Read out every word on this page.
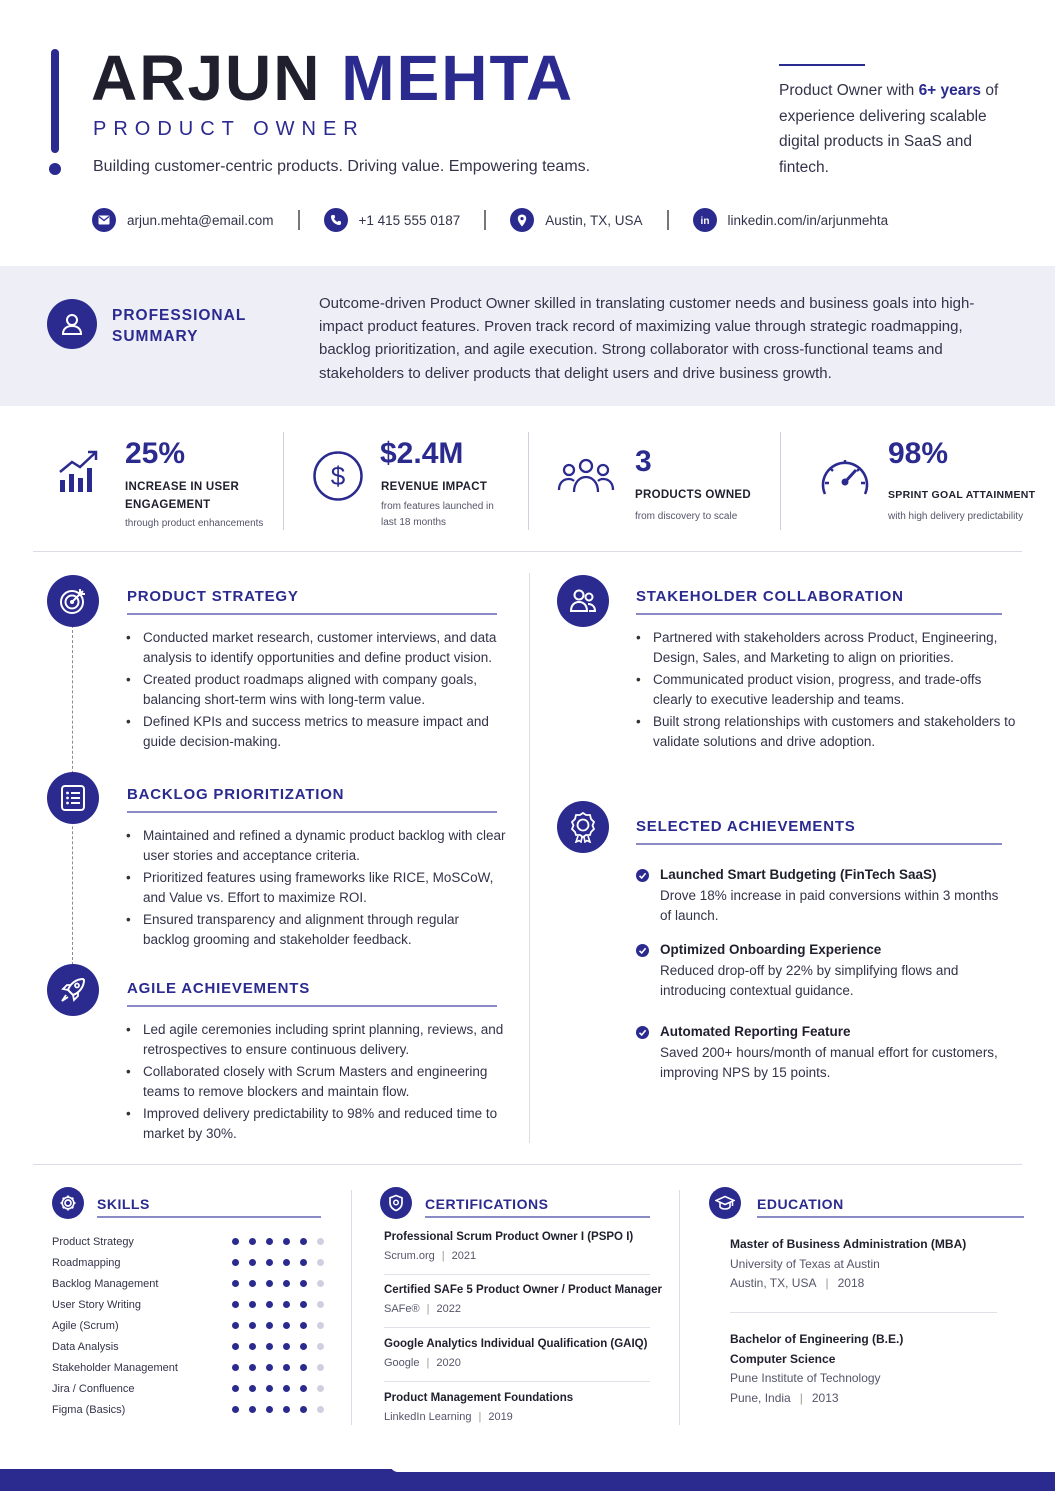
ARJUN MEHTA
PRODUCT OWNER
Building customer-centric products. Driving value. Empowering teams.
Product Owner with 6+ years of experience delivering scalable digital products in SaaS and fintech.
arjun.mehta@email.com	+1 415 555 0187	Austin, TX, USA	in linkedin.com/in/arjunmehta
PROFESSIONAL
SUMMARY
Outcome-driven Product Owner skilled in translating customer needs and business goals into high-impact product features. Proven track record of maximizing value through strategic roadmapping, backlog prioritization, and agile execution. Strong collaborator with cross-functional teams and stakeholders to deliver products that delight users and drive business growth.
25%
INCREASE IN USER
ENGAGEMENT
through product enhancements
$
$2.4M
REVENUE IMPACT
from features launched in
last 18 months
3
PRODUCTS OWNED
from discovery to scale
98%
SPRINT GOAL ATTAINMENT
with high delivery predictability
PRODUCT STRATEGY
• Conducted market research, customer interviews, and data analysis to identify opportunities and define product vision.
• Created product roadmaps aligned with company goals, balancing short-term wins with long-term value.
• Defined KPIs and success metrics to measure impact and guide decision-making.
BACKLOG PRIORITIZATION
• Maintained and refined a dynamic product backlog with clear user stories and acceptance criteria.
• Prioritized features using frameworks like RICE, MoSCoW, and Value vs. Effort to maximize ROI.
• Ensured transparency and alignment through regular backlog grooming and stakeholder feedback.
AGILE ACHIEVEMENTS
• Led agile ceremonies including sprint planning, reviews, and retrospectives to ensure continuous delivery.
• Collaborated closely with Scrum Masters and engineering teams to remove blockers and maintain flow.
• Improved delivery predictability to 98% and reduced time to market by 30%.
STAKEHOLDER COLLABORATION
• Partnered with stakeholders across Product, Engineering, Design, Sales, and Marketing to align on priorities.
• Communicated product vision, progress, and trade-offs clearly to executive leadership and teams.
• Built strong relationships with customers and stakeholders to validate solutions and drive adoption.
SELECTED ACHIEVEMENTS
Launched Smart Budgeting (FinTech SaaS)
Drove 18% increase in paid conversions within 3 months of launch.
Optimized Onboarding Experience
Reduced drop-off by 22% by simplifying flows and introducing contextual guidance.
Automated Reporting Feature
Saved 200+ hours/month of manual effort for customers, improving NPS by 15 points.
SKILLS
Product Strategy
Roadmapping
Backlog Management
User Story Writing
Agile (Scrum)
Data Analysis
Stakeholder Management
Jira / Confluence
Figma (Basics)
CERTIFICATIONS
Professional Scrum Product Owner I (PSPO I)
Scrum.org | 2021
Certified SAFe 5 Product Owner / Product Manager
SAFe® | 2022
Google Analytics Individual Qualification (GAIQ)
Google | 2020
Product Management Foundations
LinkedIn Learning | 2019
EDUCATION
Master of Business Administration (MBA)
University of Texas at Austin
Austin, TX, USA | 2018
Bachelor of Engineering (B.E.)
Computer Science
Pune Institute of Technology
Pune, India | 2013
